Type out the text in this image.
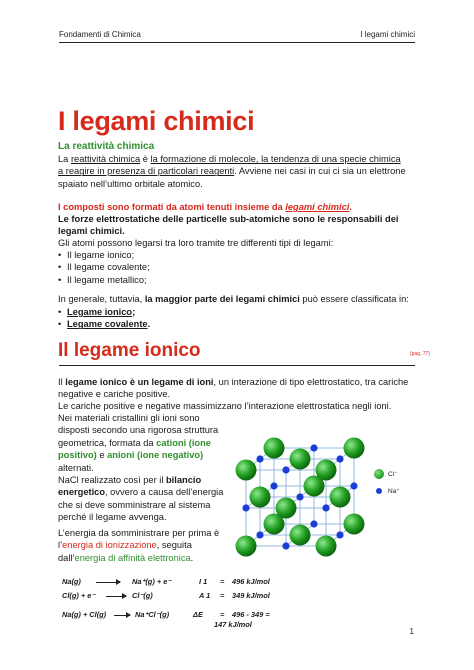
Fondamenti di Chimica	I legami chimici
I legami chimici
La reattività chimica
La reattività chimica è la formazione di molecole, la tendenza di una specie chimica a reagire in presenza di particolari reagenti. Avviene nei casi in cui ci sia un elettrone spaiato nell’ultimo orbitale atomico.
I composti sono formati da atomi tenuti insieme da legami chimici.
Le forze elettrostatiche delle particelle sub-atomiche sono le responsabili dei legami chimici.
Gli atomi possono legarsi tra loro tramite tre differenti tipi di legami:
• Il legame ionico;
• Il legame covalente;
• Il legame metallico;
In generale, tuttavia, la maggior parte dei legami chimici può essere classificata in:
• Legame ionico ;
• Legame covalente .
Il legame ionico	(pag. 77)
Il legame ionico è un legame di ioni, un interazione di tipo elettrostatico, tra cariche negative e cariche positive.
Le cariche positive e negative massimizzano l’interazione elettrostatica negli ioni.
Nei materiali cristallini gli ioni sono disposti secondo una rigorosa struttura geometrica, formata da cationi (ione positivo) e anioni (ione negativo) alternati.
NaCl realizzato così per il bilancio energetico, ovvero a causa dell’energia che si deve somministrare al sistema perché il legame avvenga.
L’energia da somministrare per prima è l’energia di ionizzazione, seguita dall’energia di affinità elettronica.
Cl⁻
Na⁺
Na(g)	Na⁺(g) + e⁻	I 1 = 496 kJ/mol
Cl(g) + e⁻	Cl⁻(g)	A 1 = 349 kJ/mol
Na(g) + Cl(g)	Na⁺Cl⁻(g)	ΔE = 496 - 349 =
147 kJ/mol
1
